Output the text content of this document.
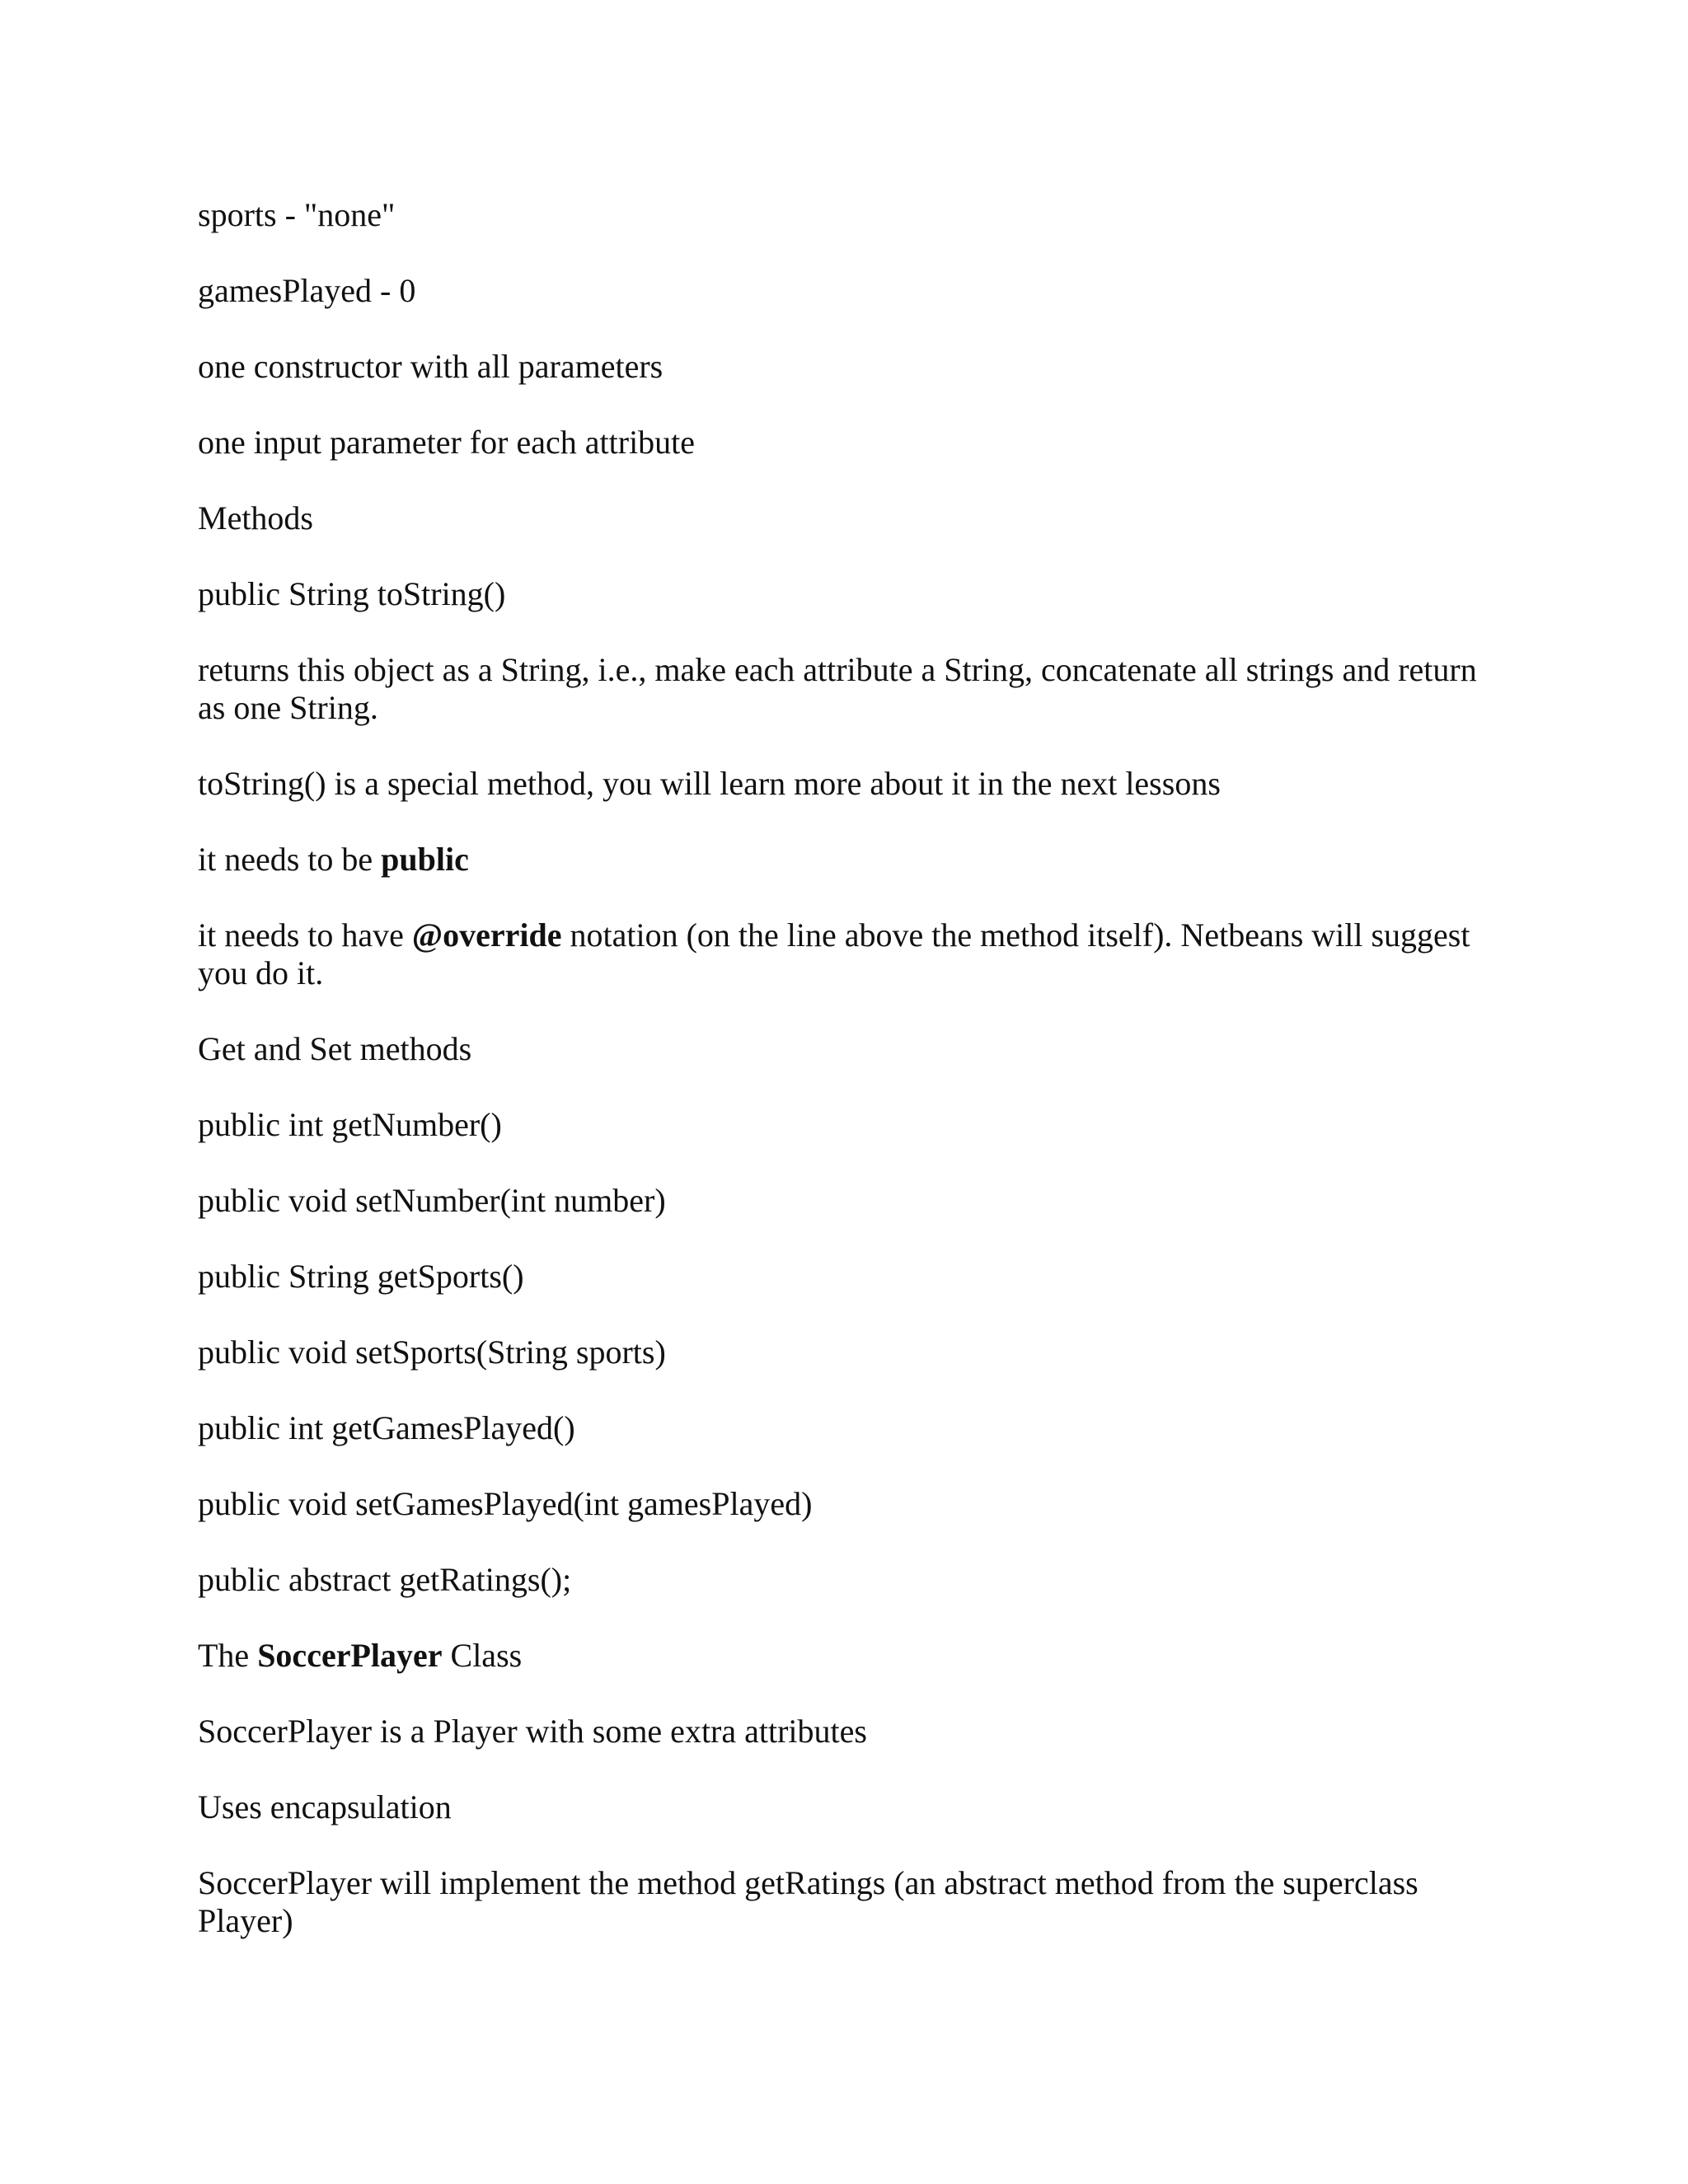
sports - "none"

gamesPlayed - 0

one constructor with all parameters

one input parameter for each attribute

Methods

public String toString()

returns this object as a String, i.e., make each attribute a String, concatenate all strings and return as one String.

toString() is a special method, you will learn more about it in the next lessons

it needs to be public

it needs to have @override notation (on the line above the method itself). Netbeans will suggest you do it.

Get and Set methods

public int getNumber()

public void setNumber(int number)

public String getSports()

public void setSports(String sports)

public int getGamesPlayed()

public void setGamesPlayed(int gamesPlayed)

public abstract getRatings();

The SoccerPlayer Class

SoccerPlayer is a Player with some extra attributes

Uses encapsulation

SoccerPlayer will implement the method getRatings (an abstract method from the superclass Player)
